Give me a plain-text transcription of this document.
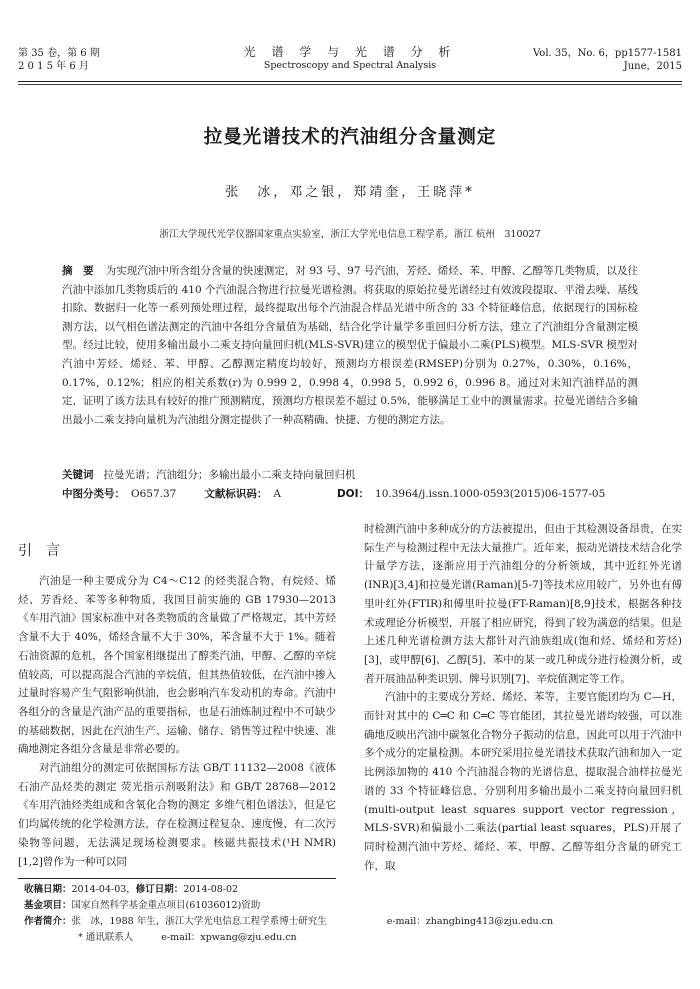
第 35 卷，第 6 期
2 0 1 5 年 6 月
光 谱 学 与 光 谱 分 析
Spectroscopy and Spectral Analysis
Vol. 35，No. 6，pp1577-1581
June，2015
拉曼光谱技术的汽油组分含量测定
张　冰，邓之银，郑靖奎，王晓萍*
浙江大学现代光学仪器国家重点实验室，浙江大学光电信息工程学系，浙江 杭州　310027
摘　要 为实现汽油中所含组分含量的快速测定，对 93 号、97 号汽油，芳烃、烯烃、苯、甲醇、乙醇等几类物质，以及往汽油中添加几类物质后的 410 个汽油混合物进行拉曼光谱检测。将获取的原始拉曼光谱经过有效波段提取、平滑去噪、基线扣除、数据归一化等一系列预处理过程，最终提取出每个汽油混合样品光谱中所含的 33 个特征峰信息，依据现行的国标检测方法，以气相色谱法测定的汽油中各组分含量值为基础，结合化学计量学多重回归分析方法，建立了汽油组分含量测定模型。经过比较，使用多输出最小二乘支持向量回归机(MLS-SVR)建立的模型优于偏最小二乘(PLS)模型。MLS-SVR 模型对汽油中芳烃、烯烃、苯、甲醇、乙醇测定精度均较好，预测均方根误差(RMSEP)分别为 0.27%，0.30%，0.16%，0.17%，0.12%；相应的相关系数(r)为 0.999 2，0.998 4，0.998 5，0.992 6，0.996 8。通过对未知汽油样品的测定，证明了该方法具有较好的推广预测精度，预测均方根误差不超过 0.5%，能够满足工业中的测量需求。拉曼光谱结合多输出最小二乘支持向量机为汽油组分测定提供了一种高精确、快捷、方便的测定方法。
关键词 拉曼光谱；汽油组分；多输出最小二乘支持向量回归机
中图分类号： O657.37	文献标识码： A	DOI： 10.3964/j.issn.1000-0593(2015)06-1577-05
引言

汽油是一种主要成分为 C4～C12 的烃类混合物，有烷烃、烯烃、芳香烃、苯等多种物质，我国目前实施的 GB 17930—2013《车用汽油》国家标准中对各类物质的含量做了严格规定，其中芳烃含量不大于 40%，烯烃含量不大于 30%，苯含量不大于 1%。随着石油资源的危机，各个国家相继提出了醇类汽油，甲醇、乙醇的辛烷值较高，可以提高混合汽油的辛烷值，但其热值较低，在汽油中掺入过量时容易产生气阻影响供油，也会影响汽车发动机的寿命。汽油中各组分的含量是汽油产品的重要指标，也是石油炼制过程中不可缺少的基础数据，因此在汽油生产、运输、储存、销售等过程中快速、准确地测定各组分含量是非常必要的。

对汽油组分的测定可依据国标方法 GB/T 11132—2008《液体石油产品烃类的测定 荧光指示剂吸附法》和 GB/T 28768—2012《车用汽油烃类组成和含氧化合物的测定 多维气相色谱法》，但是它们均属传统的化学检测方法，存在检测过程复杂、速度慢、有二次污染物等问题，无法满足现场检测要求。核磁共振技术(¹H NMR)[1,2]曾作为一种可以同

时检测汽油中多种成分的方法被提出，但由于其检测设备昂贵，在实际生产与检测过程中无法大量推广。近年来，振动光谱技术结合化学计量学方法，逐渐应用于汽油组分的分析领域，其中近红外光谱(INR)[3,4]和拉曼光谱(Raman)[5-7]等技术应用较广，另外也有傅里叶红外(FTIR)和傅里叶拉曼(FT-Raman)[8,9]技术，根据各种技术或理论分析模型，开展了相应研究，得到了较为满意的结果。但是上述几种光谱检测方法大都针对汽油族组成(饱和烃、烯烃和芳烃)[3]，或甲醇[6]、乙醇[5]、苯中的某一或几种成分进行检测分析，或者开展油品种类识别、牌号识别[7]、辛烷值测定等工作。

汽油中的主要成分芳烃、烯烃、苯等，主要官能团均为 C—H，而针对其中的 C═C 和 C═C 等官能团，其拉曼光谱均较强，可以准确地反映出汽油中碳氢化合物分子振动的信息，因此可以用于汽油中多个成分的定量检测。本研究采用拉曼光谱技术获取汽油和加入一定比例添加物的 410 个汽油混合物的光谱信息，提取混合油样拉曼光谱的 33 个特征峰信息，分别利用多输出最小二乘支持向量回归机(multi-output least squares support vector regression，MLS-SVR)和偏最小二乘法(partial least squares，PLS)开展了同时检测汽油中芳烃、烯烃、苯、甲醇、乙醇等组分含量的研究工作，取

收稿日期：2014-04-03，修订日期：2014-08-02
基金项目：国家自然科学基金重点项目(61036012)资助
作者简介：张　冰，1988 年生，浙江大学光电信息工程学系博士研究生	e-mail：zhangbing413@zju.edu.cn
* 通讯联系人	e-mail：xpwang@zju.edu.cn
